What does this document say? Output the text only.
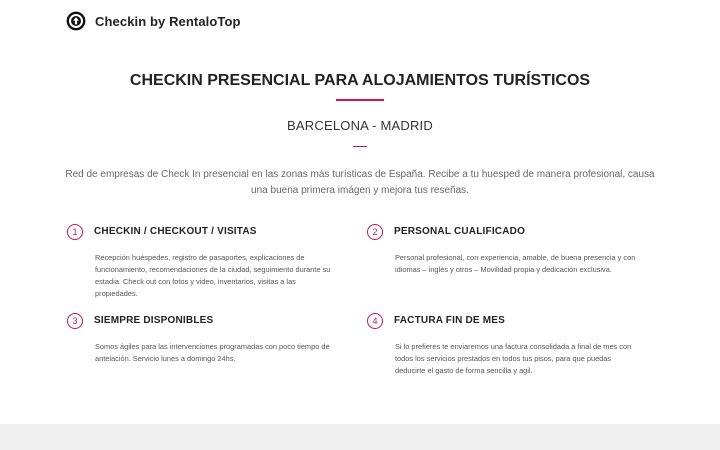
Checkin by RentaloTop
CHECKIN PRESENCIAL PARA ALOJAMIENTOS TURÍSTICOS
BARCELONA - MADRID
Red de empresas de Check In presencial en las zonas más turísticas de España. Recibe a tu huesped de manera profesional, causa una buena primera imágen y mejora tus reseñas.
1	CHECKIN / CHECKOUT / VISITAS
Recepción huéspedes, registro de pasaportes, explicaciones de funcionamiento, recomendaciones de la ciudad, seguimiento durante su estadia. Check out con fotos y video, inventarios, visitas a las propiedades.
2	PERSONAL CUALIFICADO
Personal profesional, con experiencia, amable, de buena presencia y con idiomas – inglés y otros – Movilidad propia y dedicación exclusiva.
3	SIEMPRE DISPONIBLES
Somos ágiles para las intervenciones programadas con poco tiempo de antelación. Servicio lunes a domingo 24hs.
4	FACTURA FIN DE MES
Si lo prefieres te enviaremos una factura consolidada a final de mes con todos los servicios prestados en todos tus pisos, para que puedas deducirte el gasto de forma sencilla y agil.
